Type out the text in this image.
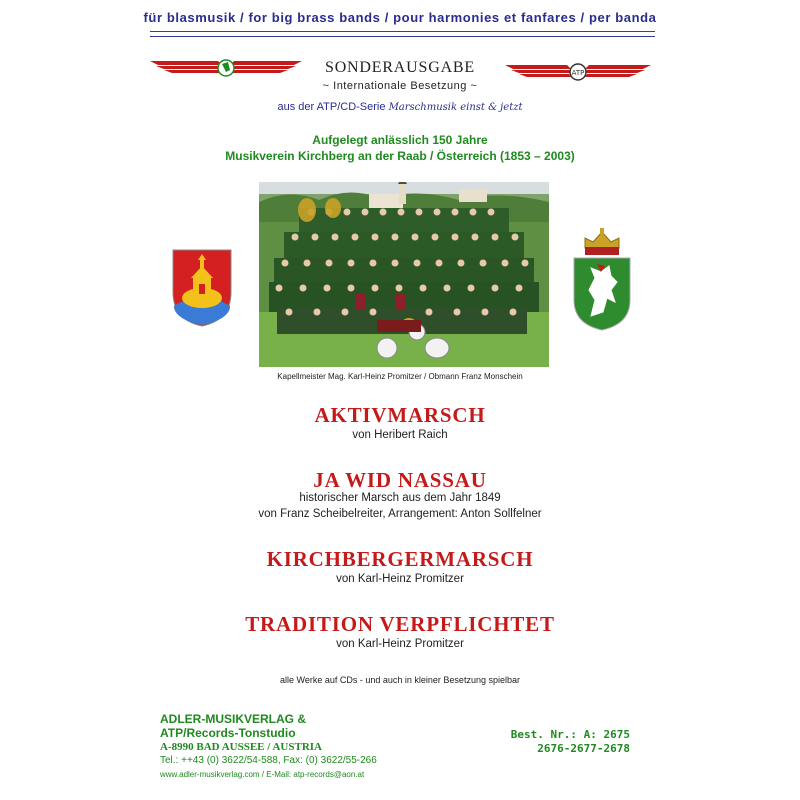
für blasmusik / for big brass bands / pour harmonies et fanfares / per banda
ATP
SONDERAUSGABE
~ Internationale Besetzung ~
aus der ATP/CD-Serie Marschmusik einst & jetzt
Aufgelegt anlässlich 150 Jahre
Musikverein Kirchberg an der Raab / Österreich (1853 – 2003)
Kapellmeister Mag. Karl-Heinz Promitzer / Obmann Franz Monschein
AKTIVMARSCH
von Heribert Raich
JA WID NASSAU
historischer Marsch aus dem Jahr 1849
von Franz Scheibelreiter, Arrangement: Anton Sollfelner
KIRCHBERGERMARSCH
von Karl-Heinz Promitzer
TRADITION VERPFLICHTET
von Karl-Heinz Promitzer
alle Werke auf CDs - und auch in kleiner Besetzung spielbar
ADLER-MUSIKVERLAG &
ATP/Records-Tonstudio
A-8990 BAD AUSSEE / AUSTRIA
Tel.: ++43 (0) 3622/54-588, Fax: (0) 3622/55-266
www.adler-musikverlag.com / E-Mail: atp-records@aon.at
Best. Nr.: A: 2675
2676-2677-2678
